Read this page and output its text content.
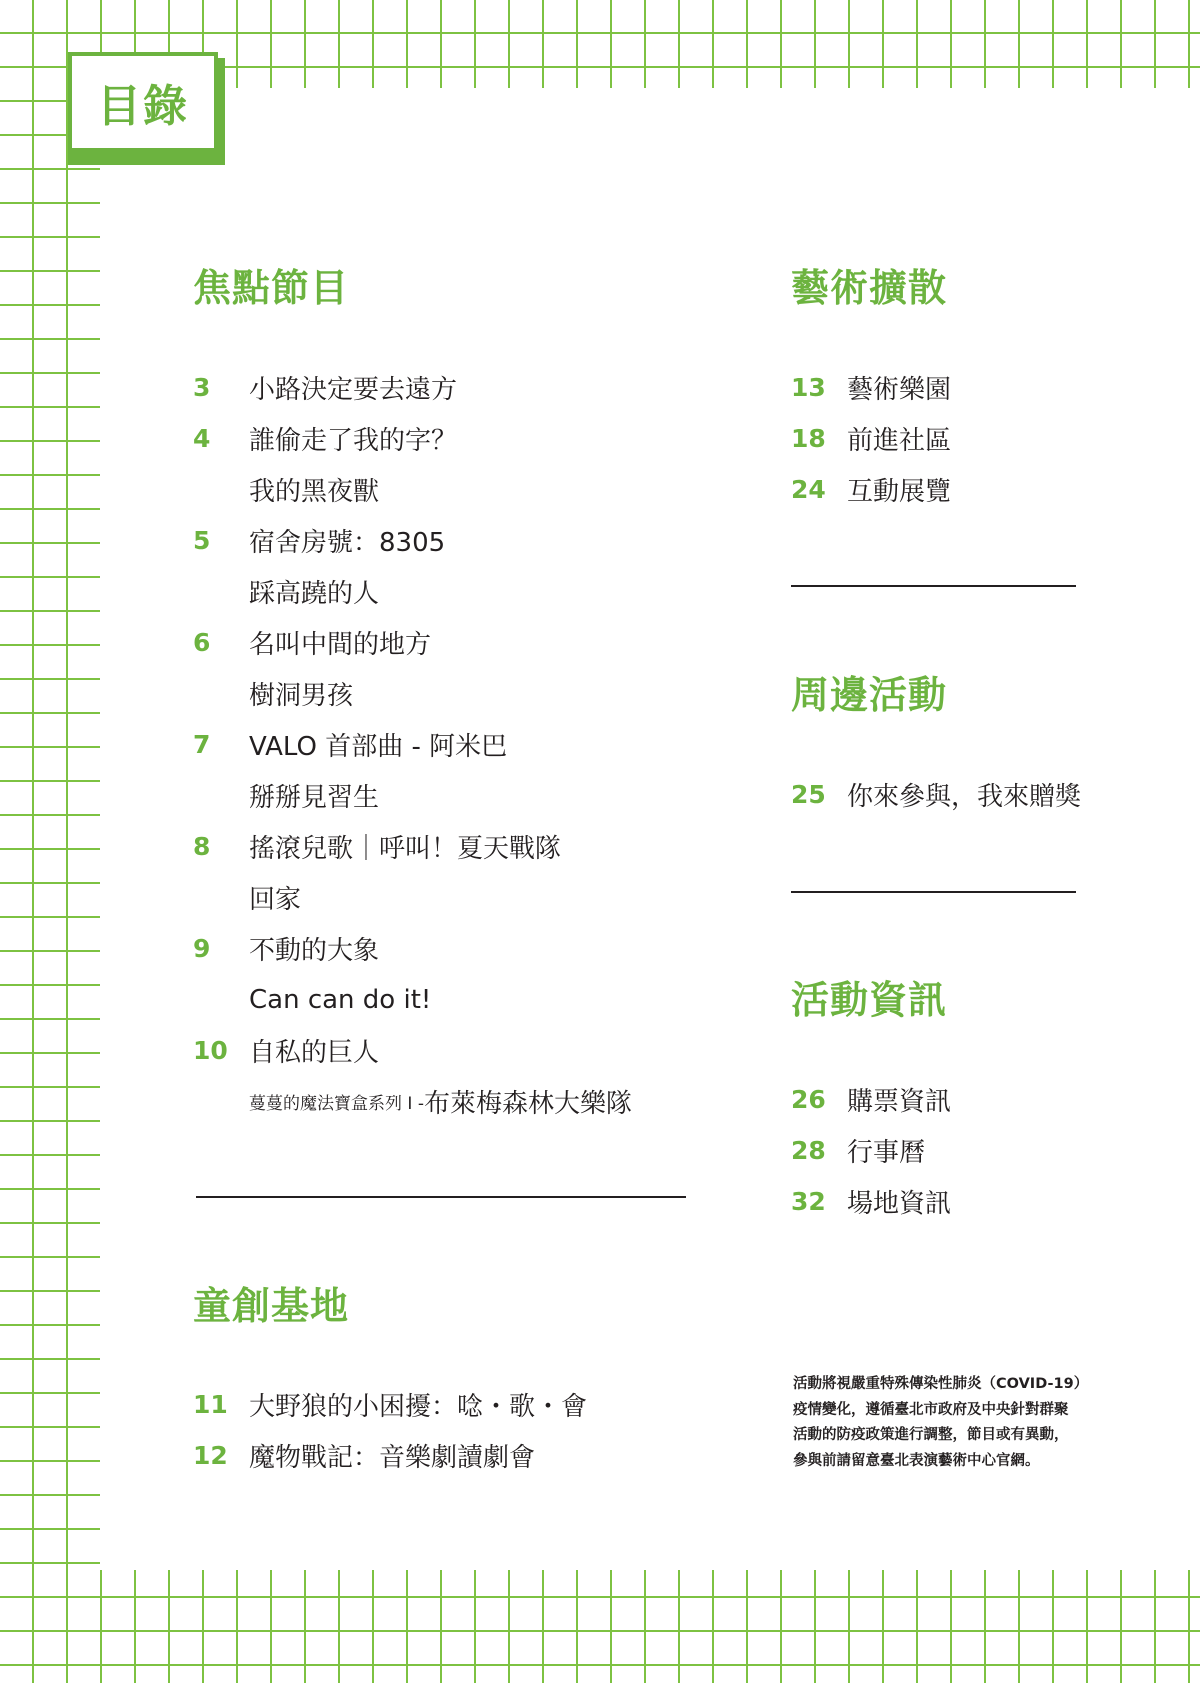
目錄
焦點節目
3	小路決定要去遠方
4	誰偷走了我的字？
我的黑夜獸
5	宿舍房號：8305
踩高蹺的人
6	名叫中間的地方
樹洞男孩
7	VALO 首部曲 - 阿米巴
掰掰見習生
8	搖滾兒歌｜呼叫！夏天戰隊
回家
9	不動的大象
Can can do it!
10 自私的巨人
蔓蔓的魔法寶盒系列 I - 布萊梅森林大樂隊
童創基地
11 大野狼的小困擾：唸・歌・會
12 魔物戰記：音樂劇讀劇會
藝術擴散
13 藝術樂園
18 前進社區
24 互動展覽
周邊活動
25 你來參與，我來贈獎
活動資訊
26 購票資訊
28 行事曆
32 場地資訊

活動將視嚴重特殊傳染性肺炎（COVID-19）
疫情變化，遵循臺北市政府及中央針對群聚
活動的防疫政策進行調整，節目或有異動，
參與前請留意臺北表演藝術中心官網。
